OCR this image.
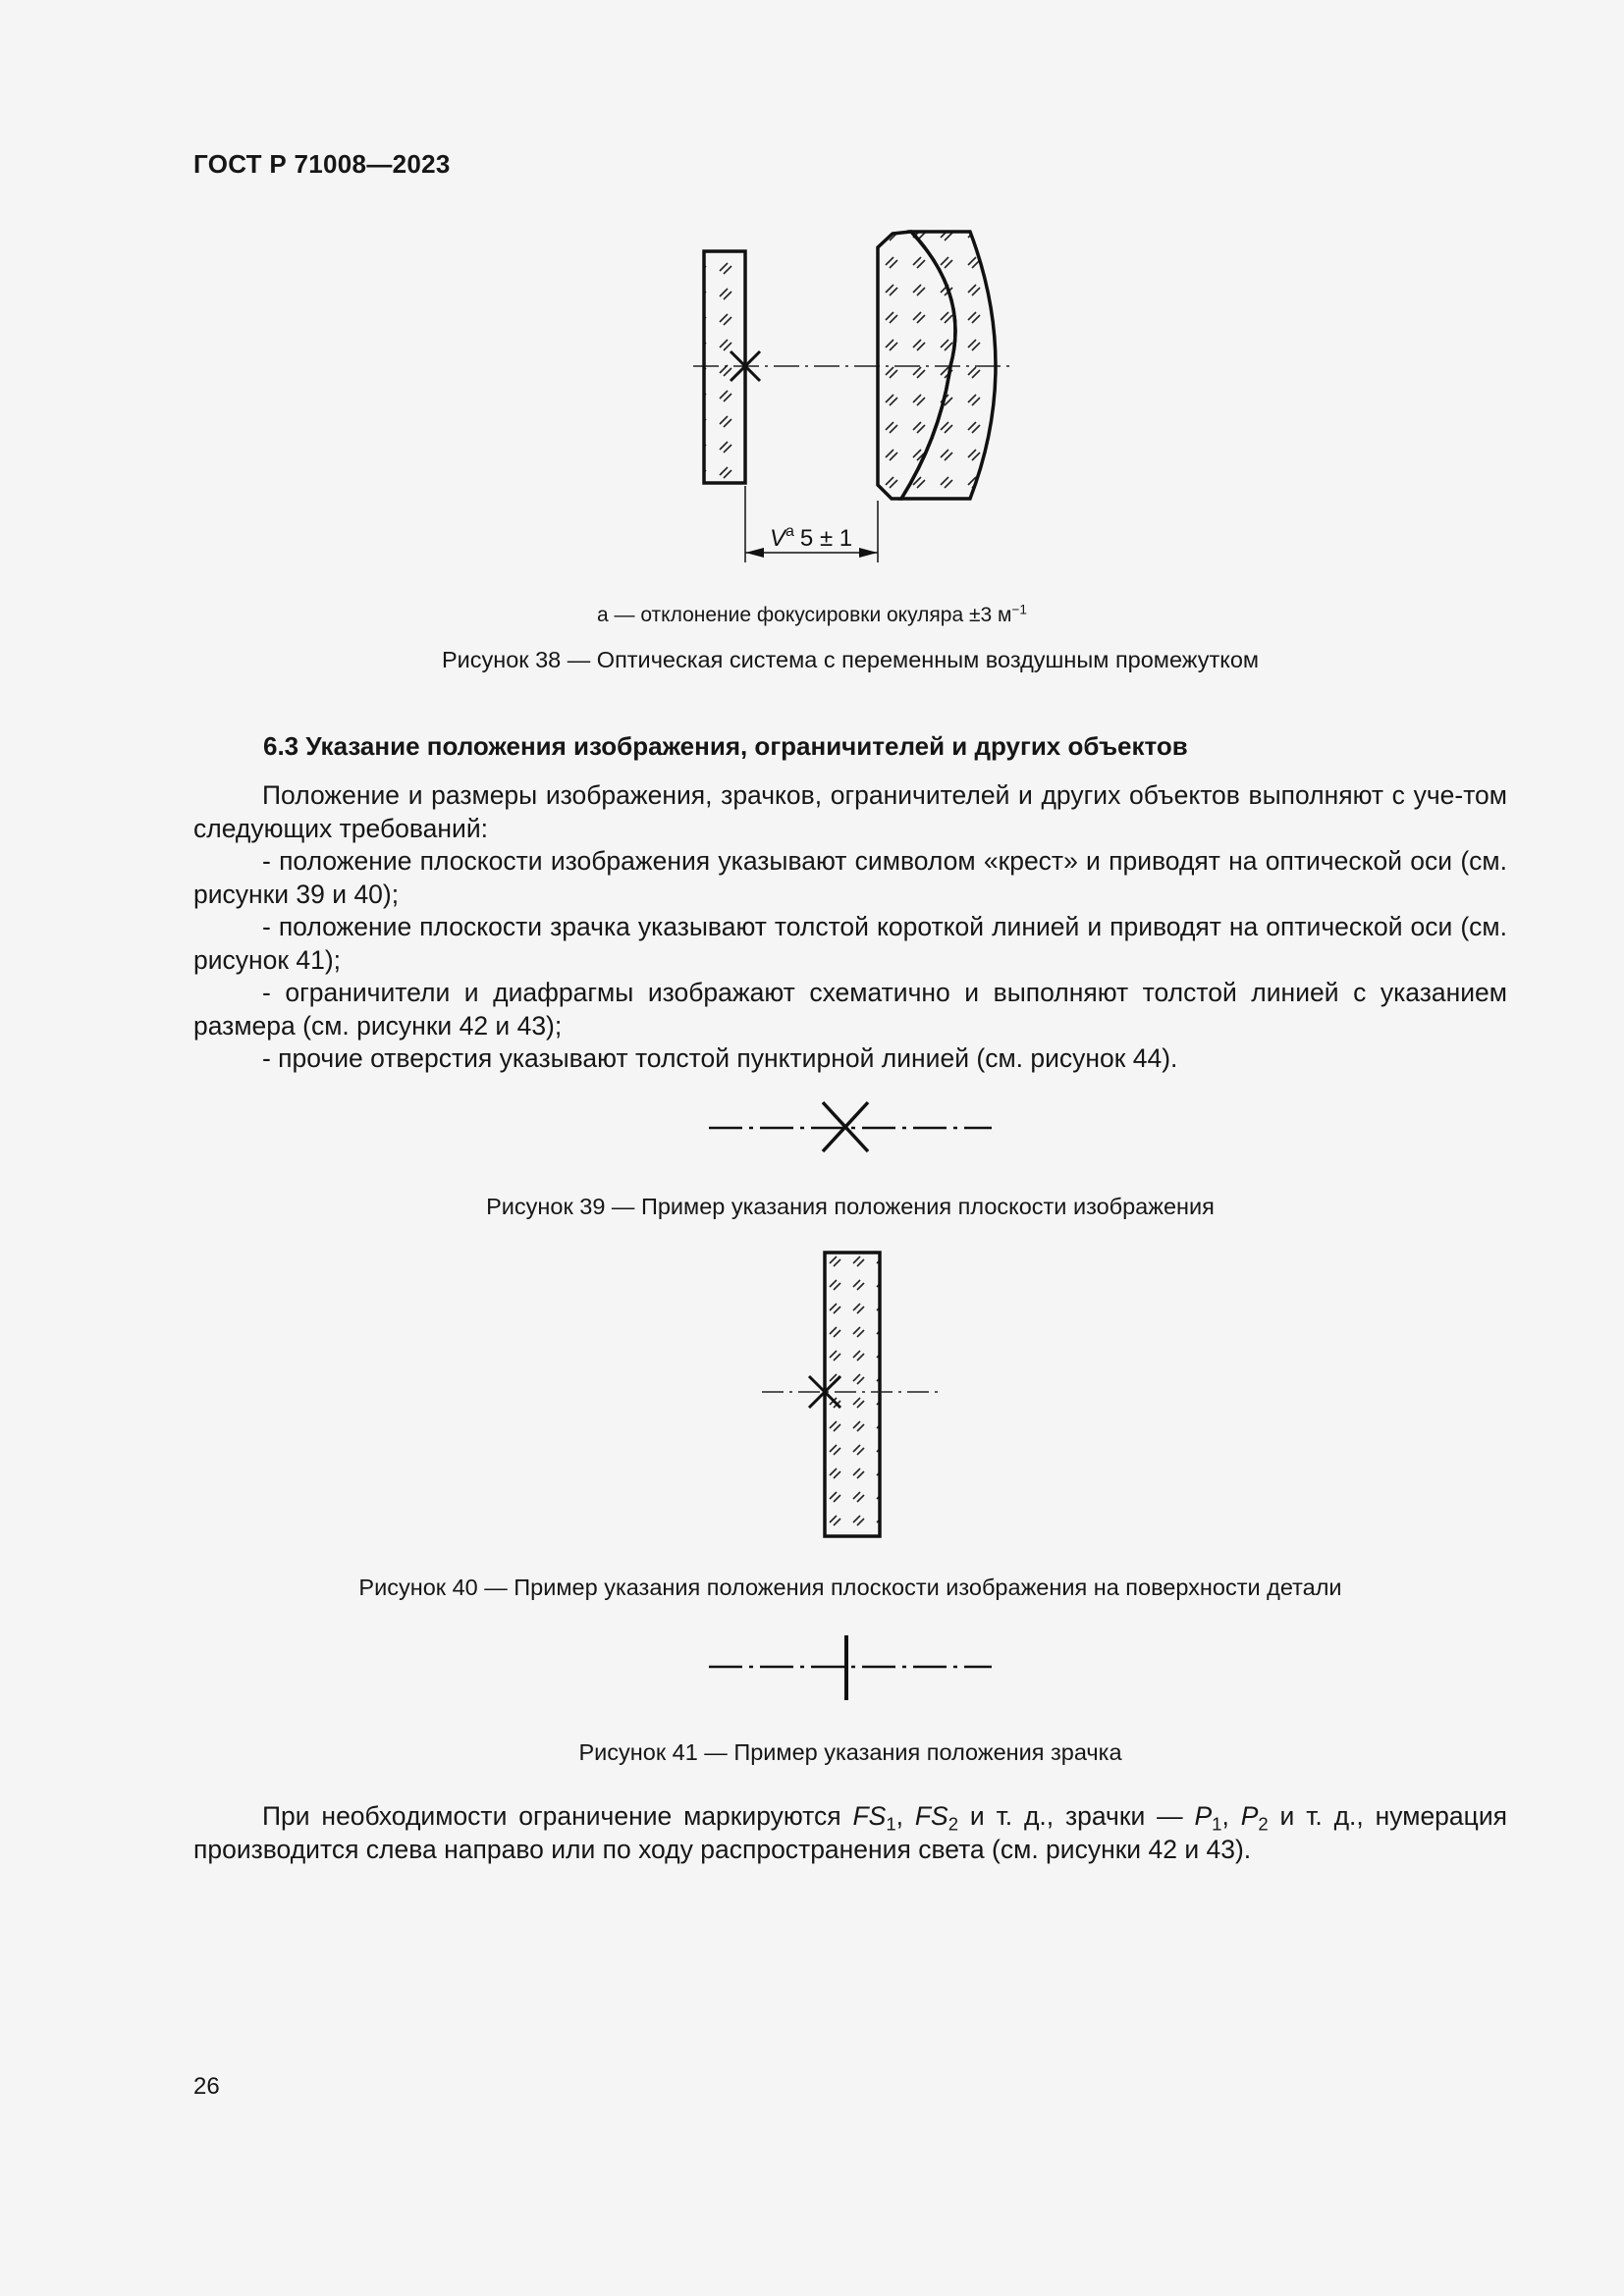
ГОСТ Р 71008—2023
$V^a$ 5 ± 1
а — отклонение фокусировки окуляра ±3 $м^{-1}$
Рисунок 38 — Оптическая система с переменным воздушным промежутком
6.3 Указание положения изображения, ограничителей и других объектов

Положение и размеры изображения, зрачков, ограничителей и других объектов выполняют с уче-том следующих требований:

- положение плоскости изображения указывают символом «крест» и приводят на оптической оси (см. рисунки 39 и 40);

- положение плоскости зрачка указывают толстой короткой линией и приводят на оптической оси (см. рисунок 41);

- ограничители и диафрагмы изображают схематично и выполняют толстой линией с указанием размера (см. рисунки 42 и 43);

- прочие отверстия указывают толстой пунктирной линией (см. рисунок 44).

Рисунок 39 — Пример указания положения плоскости изображения
Рисунок 40 — Пример указания положения плоскости изображения на поверхности детали
Рисунок 41 — Пример указания положения зрачка

При необходимости ограничение маркируются $FS_1$, $FS_2$ и т. д., зрачки — $P_1$, $P_2$ и т. д., нумерация производится слева направо или по ходу распространения света (см. рисунки 42 и 43).

26
